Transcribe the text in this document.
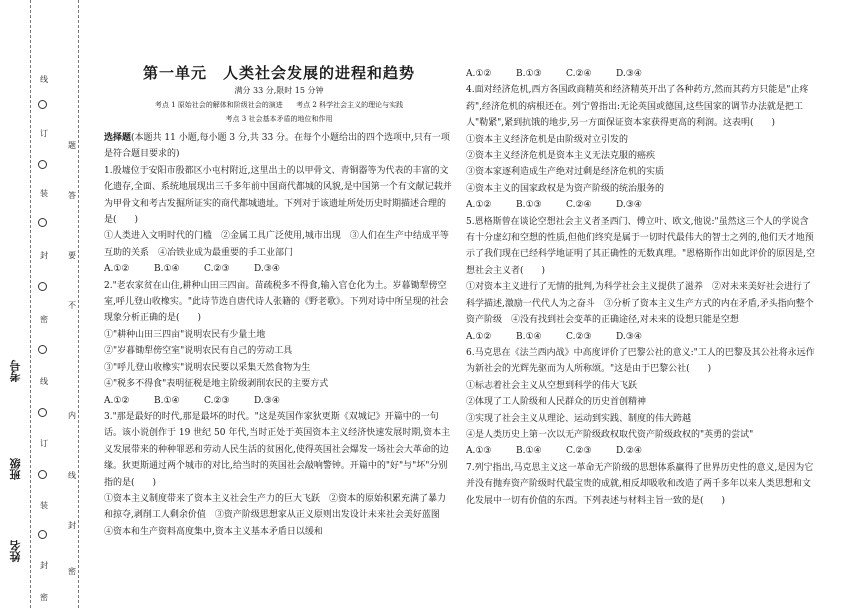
线
订
装
封
密
线
订
装
封
密
考号
班级
姓名
题
答
要
不
内
线
封
密
第一单元　人类社会发展的进程和趋势
满分 33 分,限时 15 分钟
考点 1 原始社会的解体和阶级社会的演进 考点 2 科学社会主义的理论与实践
考点 3 社会基本矛盾的地位和作用

选择题(本题共 11 小题,每小题 3 分,共 33 分。在每个小题给出的四个选项中,只有一项是符合题目要求的)

1.殷墟位于安阳市殷都区小屯村附近,这里出土的以甲骨文、青铜器等为代表的丰富的文化遗存,全面、系统地展现出三千多年前中国商代都城的风貌,是中国第一个有文献记载并为甲骨文和考古发掘所证实的商代都城遗址。下列对于该遗址所处历史时期描述合理的是(　　)

①人类进入文明时代的门槛　②金属工具广泛使用,城市出现　③人们在生产中结成平等互助的关系　④冶铁业成为最重要的手工业部门

A.①②	B.①④	C.②③	D.③④

2."老农家贫在山住,耕种山田三四亩。苗疏税多不得食,输入官仓化为土。岁暮锄犁傍空室,呼儿登山收橡实。"此诗节选自唐代诗人张籍的《野老歌》。下列对诗中所呈现的社会现象分析正确的是(　　)

①"耕种山田三四亩"说明农民有少量土地

②"岁暮锄犁傍空室"说明农民有自己的劳动工具

③"呼儿登山收橡实"说明农民要以采集天然食物为生

④"税多不得食"表明征税是地主阶级剥削农民的主要方式

A.①②	B.①④	C.②③	D.③④

3."那是最好的时代,那是最坏的时代。"这是英国作家狄更斯《双城记》开篇中的一句话。该小说创作于 19 世纪 50 年代,当时正处于英国资本主义经济快速发展时期,资本主义发展带来的种种罪恶和劳动人民生活的贫困化,使得英国社会爆发一场社会大革命的边缘。狄更斯通过两个城市的对比,给当时的英国社会敲响警钟。开篇中的"好"与"坏"分别指的是(　　)

①资本主义制度带来了资本主义社会生产力的巨大飞跃　②资本的原始积累充满了暴力和掠夺,剥削工人剩余价值　③资产阶级思想家从正义原则出发设计未来社会美好蓝图　④资本和生产资料高度集中,资本主义基本矛盾日以缓和

A.①②	B.①③	C.②④	D.③④

4.面对经济危机,西方各国政商精英和经济精英开出了各种药方,然而其药方只能是"止疼药",经济危机的病根还在。列宁曾指出:无论英国或德国,这些国家的调节办法就是把工人"勒紧",紧到抗饿的地步,另一方面保证资本家获得更高的利润。这表明(　　)

①资本主义经济危机是由阶级对立引发的

②资本主义经济危机是资本主义无法克服的癌疾

③资本家逐利造成生产绝对过剩是经济危机的实质

④资本主义的国家政权是为资产阶级的统治服务的

A.①②	B.①③	C.②④	D.③④

5.恩格斯曾在谈论空想社会主义者圣西门、傅立叶、欧文,他说:"虽然这三个人的学说含有十分虚幻和空想的性质,但他们终究是属于一切时代最伟大的智士之列的,他们天才地预示了我们现在已经科学地证明了其正确性的无数真理。"恩格斯作出如此评价的原因是,空想社会主义者(　　)

①对资本主义进行了无情的批判,为科学社会主义提供了滋养　②对未来美好社会进行了科学描述,激励一代代人为之奋斗　③分析了资本主义生产方式的内在矛盾,矛头指向整个资产阶级　④没有找到社会变革的正确途径,对未来的设想只能是空想

A.①②	B.①④	C.②③	D.③④

6.马克思在《法兰西内战》中高度评价了巴黎公社的意义:"工人的巴黎及其公社将永远作为新社会的光辉先驱而为人所称颂。"这是由于巴黎公社(　　)

①标志着社会主义从空想到科学的伟大飞跃

②体现了工人阶级和人民群众的历史首创精神

③实现了社会主义从理论、运动到实践、制度的伟大跨越

④是人类历史上第一次以无产阶级政权取代资产阶级政权的"英勇的尝试"

A.①③	B.①④	C.②③	D.②④

7.列宁指出,马克思主义这一革命无产阶级的思想体系赢得了世界历史性的意义,是因为它并没有抛弃资产阶级时代最宝贵的成就,相反却吸收和改造了两千多年以来人类思想和文化发展中一切有价值的东西。下列表述与材料主旨一致的是(　　)
